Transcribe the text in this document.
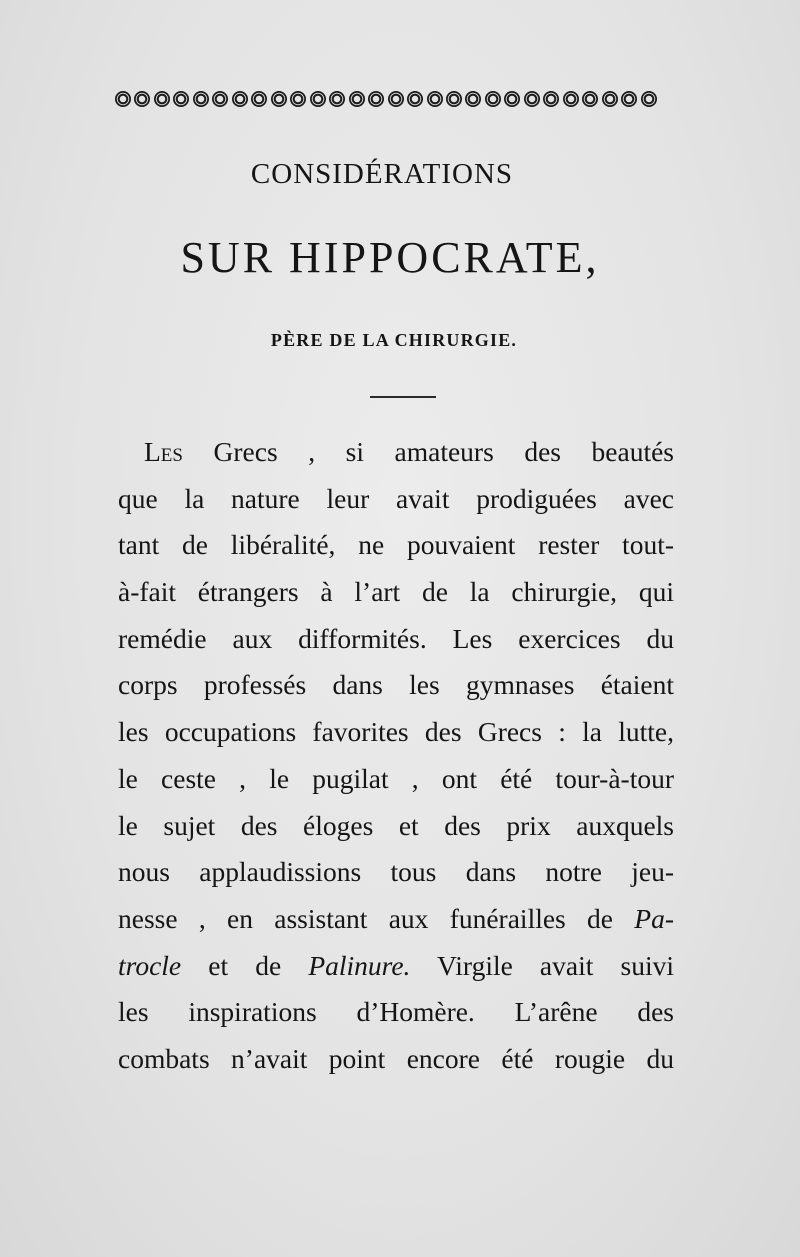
CONSIDÉRATIONS
SUR HIPPOCRATE,
PÈRE DE LA CHIRURGIE.
Les Grecs , si amateurs des beautés
que la nature leur avait prodiguées avec
tant de libéralité, ne pouvaient rester tout-
à-fait étrangers à l’art de la chirurgie, qui
remédie aux difformités. Les exercices du
corps professés dans les gymnases étaient
les occupations favorites des Grecs : la lutte,
le ceste , le pugilat , ont été tour-à-tour
le sujet des éloges et des prix auxquels
nous applaudissions tous dans notre jeu-
nesse , en assistant aux funérailles de Pa-
trocle et de Palinure. Virgile avait suivi
les inspirations d’Homère. L’arêne des
combats n’avait point encore été rougie du
